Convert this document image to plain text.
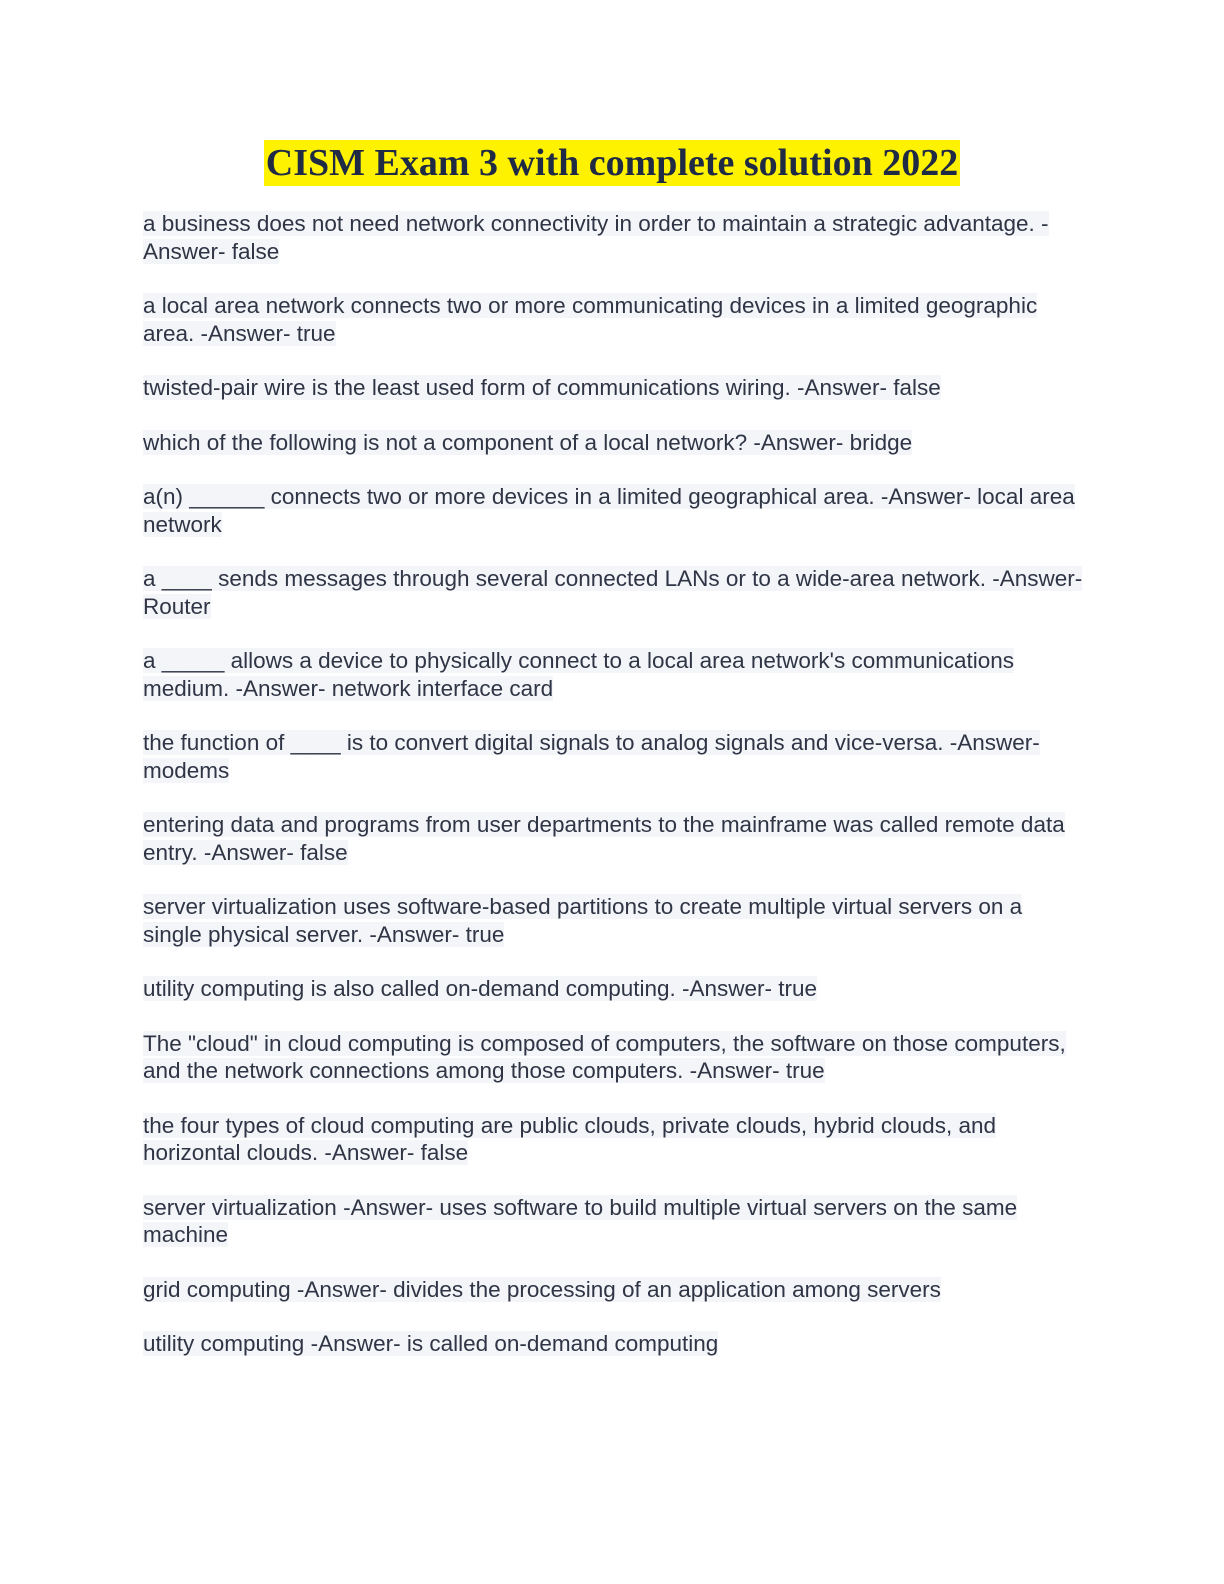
CISM Exam 3 with complete solution 2022

a business does not need network connectivity in order to maintain a strategic advantage. -Answer- false

a local area network connects two or more communicating devices in a limited geographic area. -Answer- true

twisted-pair wire is the least used form of communications wiring. -Answer- false

which of the following is not a component of a local network? -Answer- bridge

a(n) ______ connects two or more devices in a limited geographical area. -Answer- local area network

a ____ sends messages through several connected LANs or to a wide-area network. -Answer- Router

a _____ allows a device to physically connect to a local area network's communications medium. -Answer- network interface card

the function of ____ is to convert digital signals to analog signals and vice-versa. -Answer- modems

entering data and programs from user departments to the mainframe was called remote data entry. -Answer- false

server virtualization uses software-based partitions to create multiple virtual servers on a single physical server. -Answer- true

utility computing is also called on-demand computing. -Answer- true

The "cloud" in cloud computing is composed of computers, the software on those computers, and the network connections among those computers. -Answer- true

the four types of cloud computing are public clouds, private clouds, hybrid clouds, and horizontal clouds. -Answer- false

server virtualization -Answer- uses software to build multiple virtual servers on the same machine

grid computing -Answer- divides the processing of an application among servers

utility computing -Answer- is called on-demand computing
